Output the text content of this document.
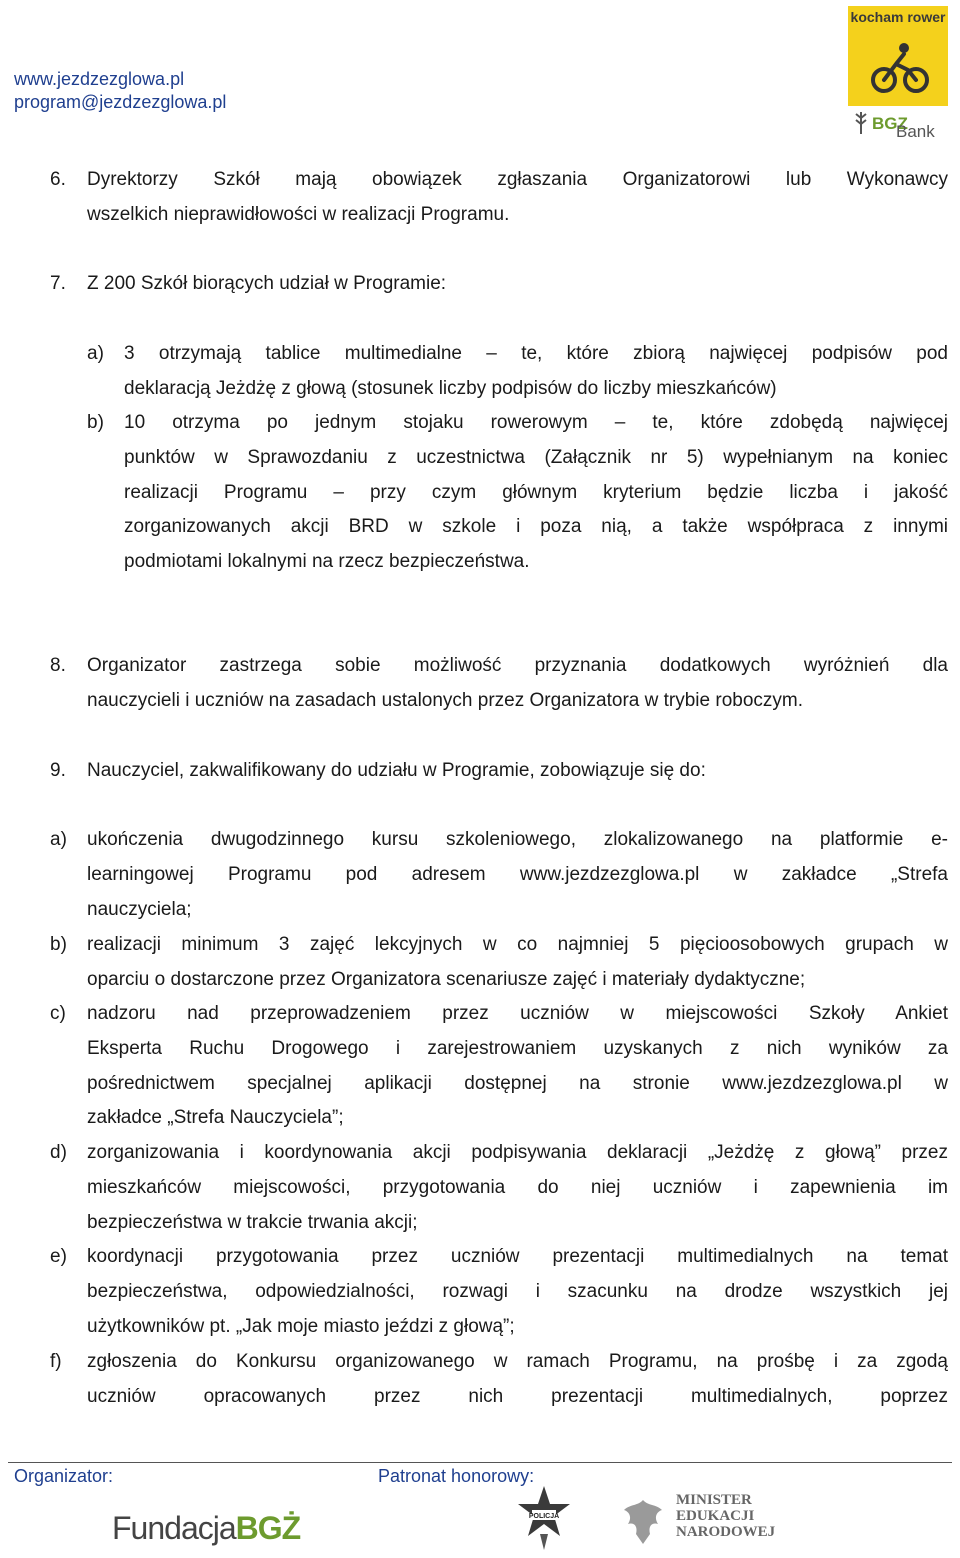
www.jezdzezglowa.pl
program@jezdzezglowa.pl
kocham rower
Bank
BGZ
6. Dyrektorzy Szkół mają obowiązek zgłaszania Organizatorowi lub Wykonawcy
wszelkich nieprawidłowości w realizacji Programu.
7. Z 200 Szkół biorących udział w Programie:
a) 3 otrzymają tablice multimedialne – te, które zbiorą najwięcej podpisów pod
deklaracją Jeżdżę z głową (stosunek liczby podpisów do liczby mieszkańców)
b) 10 otrzyma po jednym stojaku rowerowym – te, które zdobędą najwięcej
punktów w Sprawozdaniu z uczestnictwa (Załącznik nr 5) wypełnianym na koniec
realizacji Programu – przy czym głównym kryterium będzie liczba i jakość
zorganizowanych akcji BRD w szkole i poza nią, a także współpraca z innymi
podmiotami lokalnymi na rzecz bezpieczeństwa.
8. Organizator zastrzega sobie możliwość przyznania dodatkowych wyróżnień dla
nauczycieli i uczniów na zasadach ustalonych przez Organizatora w trybie roboczym.
9. Nauczyciel, zakwalifikowany do udziału w Programie, zobowiązuje się do:
a) ukończenia dwugodzinnego kursu szkoleniowego, zlokalizowanego na platformie e-
learningowej Programu pod adresem www.jezdzezglowa.pl w zakładce „Strefa
nauczyciela;
b) realizacji minimum 3 zajęć lekcyjnych w co najmniej 5 pięcioosobowych grupach w
oparciu o dostarczone przez Organizatora scenariusze zajęć i materiały dydaktyczne;
c) nadzoru nad przeprowadzeniem przez uczniów w miejscowości Szkoły Ankiet
Eksperta Ruchu Drogowego i zarejestrowaniem uzyskanych z nich wyników za
pośrednictwem specjalnej aplikacji dostępnej na stronie www.jezdzezglowa.pl w
zakładce „Strefa Nauczyciela”;
d) zorganizowania i koordynowania akcji podpisywania deklaracji „Jeżdżę z głową” przez
mieszkańców miejscowości, przygotowania do niej uczniów i zapewnienia im
bezpieczeństwa w trakcie trwania akcji;
e) koordynacji przygotowania przez uczniów prezentacji multimedialnych na temat
bezpieczeństwa, odpowiedzialności, rozwagi i szacunku na drodze wszystkich jej
użytkowników pt. „Jak moje miasto jeździ z głową”;
f) zgłoszenia do Konkursu organizowanego w ramach Programu, na prośbę i za zgodą
uczniów opracowanych przez nich prezentacji multimedialnych, poprzez
Organizator:	Patronat honorowy:
FundacjaBGŻ	POLICJA
MINISTER
EDUKACJI
NARODOWEJ
